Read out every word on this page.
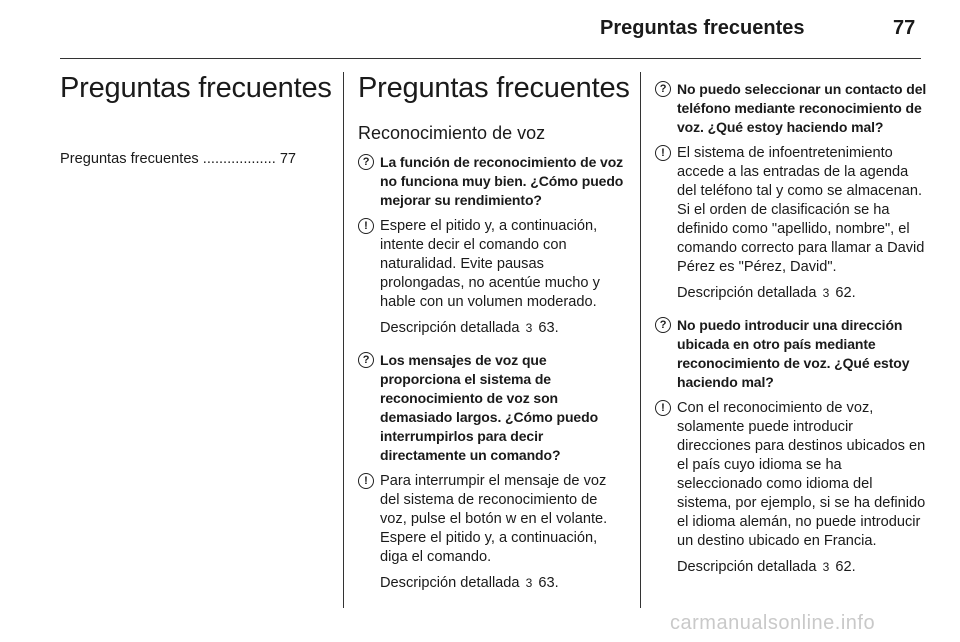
Preguntas frecuentes	77
Preguntas frecuentes
Preguntas frecuentes .................. 77
Preguntas frecuentes
Reconocimiento de voz
? La función de reconocimiento de voz no funciona muy bien. ¿Cómo puedo mejorar su rendimiento?
! Espere el pitido y, a continuación, intente decir el comando con naturalidad. Evite pausas prolongadas, no acentúe mucho y hable con un volumen moderado.
Descripción detallada 3 63.
? Los mensajes de voz que proporciona el sistema de reconocimiento de voz son demasiado largos. ¿Cómo puedo interrumpirlos para decir directamente un comando?
! Para interrumpir el mensaje de voz del sistema de reconocimiento de voz, pulse el botón w en el volante. Espere el pitido y, a continuación, diga el comando.
Descripción detallada 3 63.
? No puedo seleccionar un contacto del teléfono mediante reconocimiento de voz. ¿Qué estoy haciendo mal?
! El sistema de infoentretenimiento accede a las entradas de la agenda del teléfono tal y como se almacenan. Si el orden de clasificación se ha definido como "apellido, nombre", el comando correcto para llamar a David Pérez es "Pérez, David".
Descripción detallada 3 62.
? No puedo introducir una dirección ubicada en otro país mediante reconocimiento de voz. ¿Qué estoy haciendo mal?
! Con el reconocimiento de voz, solamente puede introducir direcciones para destinos ubicados en el país cuyo idioma se ha seleccionado como idioma del sistema, por ejemplo, si se ha definido el idioma alemán, no puede introducir un destino ubicado en Francia.
Descripción detallada 3 62.
carmanualsonline.info
